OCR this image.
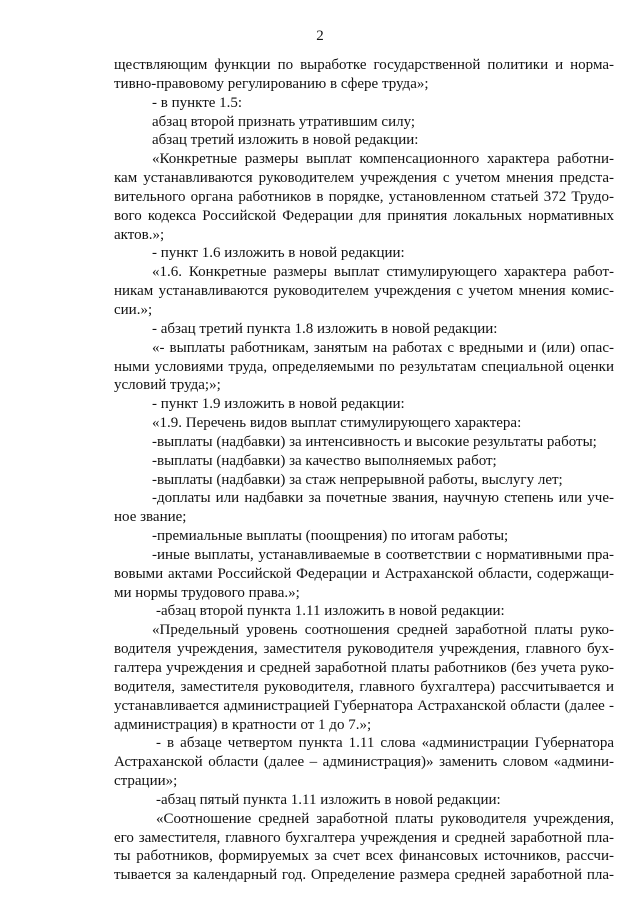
2
ществляющим функции по выработке государственной политики и норма-
тивно-правовому регулированию в сфере труда»;
- в пункте 1.5:
абзац второй признать утратившим силу;
абзац третий изложить в новой редакции:
«Конкретные размеры выплат компенсационного характера работни-
кам устанавливаются руководителем учреждения с учетом мнения предста-
вительного органа работников в порядке, установленном статьей 372 Трудо-
вого кодекса Российской Федерации для принятия локальных нормативных
актов.»;
- пункт 1.6 изложить в новой редакции:
«1.6. Конкретные размеры выплат стимулирующего характера работ-
никам устанавливаются руководителем учреждения с учетом мнения комис-
сии.»;
- абзац третий пункта 1.8 изложить в новой редакции:
«- выплаты работникам, занятым на работах с вредными и (или) опас-
ными условиями труда, определяемыми по результатам специальной оценки
условий труда;»;
- пункт 1.9 изложить в новой редакции:
«1.9. Перечень видов выплат стимулирующего характера:
-выплаты (надбавки) за интенсивность и высокие результаты работы;
-выплаты (надбавки) за качество выполняемых работ;
-выплаты (надбавки) за стаж непрерывной работы, выслугу лет;
-доплаты или надбавки за почетные звания, научную степень или уче-
ное звание;
-премиальные выплаты (поощрения) по итогам работы;
-иные выплаты, устанавливаемые в соответствии с нормативными пра-
вовыми актами Российской Федерации и Астраханской области, содержащи-
ми нормы трудового права.»;
-абзац второй пункта 1.11 изложить в новой редакции:
«Предельный уровень соотношения средней заработной платы руко-
водителя учреждения, заместителя руководителя учреждения, главного бух-
галтера учреждения и средней заработной платы работников (без учета руко-
водителя, заместителя руководителя, главного бухгалтера) рассчитывается и
устанавливается администрацией Губернатора Астраханской области (далее -
администрация) в кратности от 1 до 7.»;
- в абзаце четвертом пункта 1.11 слова «администрации Губернатора
Астраханской области (далее – администрация)» заменить словом «админи-
страции»;
-абзац пятый пункта 1.11 изложить в новой редакции:
«Соотношение средней заработной платы руководителя учреждения,
его заместителя, главного бухгалтера учреждения и средней заработной пла-
ты работников, формируемых за счет всех финансовых источников, рассчи-
тывается за календарный год. Определение размера средней заработной пла-
